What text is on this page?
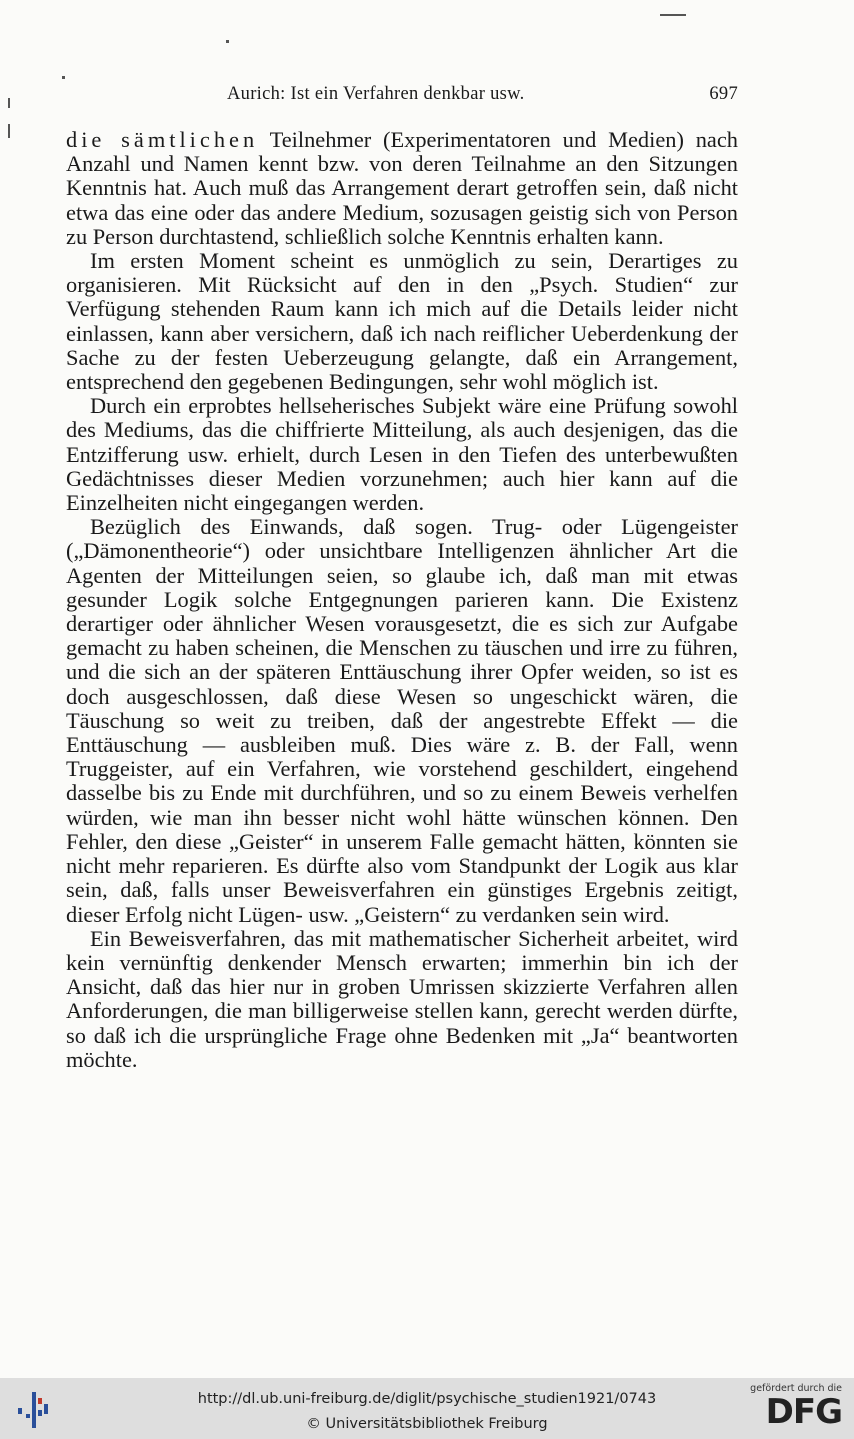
Aurich: Ist ein Verfahren denkbar usw.	697

die sämtlichen Teilnehmer (Experimentatoren und Medien) nach Anzahl und Namen kennt bzw. von deren Teilnahme an den Sitzungen Kenntnis hat. Auch muß das Arrangement derart getroffen sein, daß nicht etwa das eine oder das andere Medium, sozusagen geistig sich von Person zu Person durchtastend, schließlich solche Kenntnis erhalten kann.

Im ersten Moment scheint es unmöglich zu sein, Derartiges zu organisieren. Mit Rücksicht auf den in den „Psych. Studien“ zur Verfügung stehenden Raum kann ich mich auf die Details leider nicht einlassen, kann aber versichern, daß ich nach reiflicher Ueberdenkung der Sache zu der festen Ueberzeugung gelangte, daß ein Arrangement, entsprechend den gegebenen Bedingungen, sehr wohl möglich ist.

Durch ein erprobtes hellseherisches Subjekt wäre eine Prüfung sowohl des Mediums, das die chiffrierte Mitteilung, als auch desjenigen, das die Entzifferung usw. erhielt, durch Lesen in den Tiefen des unterbewußten Gedächtnisses dieser Medien vorzunehmen; auch hier kann auf die Einzelheiten nicht eingegangen werden.

Bezüglich des Einwands, daß sogen. Trug- oder Lügengeister („Dämonentheorie“) oder unsichtbare Intelligenzen ähnlicher Art die Agenten der Mitteilungen seien, so glaube ich, daß man mit etwas gesunder Logik solche Entgegnungen parieren kann. Die Existenz derartiger oder ähnlicher Wesen vorausgesetzt, die es sich zur Aufgabe gemacht zu haben scheinen, die Menschen zu täuschen und irre zu führen, und die sich an der späteren Enttäuschung ihrer Opfer weiden, so ist es doch ausgeschlossen, daß diese Wesen so ungeschickt wären, die Täuschung so weit zu treiben, daß der angestrebte Effekt — die Enttäuschung — ausbleiben muß. Dies wäre z. B. der Fall, wenn Truggeister, auf ein Verfahren, wie vorstehend geschildert, eingehend dasselbe bis zu Ende mit durchführen, und so zu einem Beweis verhelfen würden, wie man ihn besser nicht wohl hätte wünschen können. Den Fehler, den diese „Geister“ in unserem Falle gemacht hätten, könnten sie nicht mehr reparieren. Es dürfte also vom Standpunkt der Logik aus klar sein, daß, falls unser Beweisverfahren ein günstiges Ergebnis zeitigt, dieser Erfolg nicht Lügen- usw. „Geistern“ zu verdanken sein wird.

Ein Beweisverfahren, das mit mathematischer Sicherheit arbeitet, wird kein vernünftig denkender Mensch erwarten; immerhin bin ich der Ansicht, daß das hier nur in groben Umrissen skizzierte Verfahren allen Anforderungen, die man billigerweise stellen kann, gerecht werden dürfte, so daß ich die ursprüngliche Frage ohne Bedenken mit „Ja“ beantworten möchte.

http://dl.ub.uni-freiburg.de/diglit/psychische_studien1921/0743
© Universitätsbibliothek Freiburg
gefördert durch die
DFG
